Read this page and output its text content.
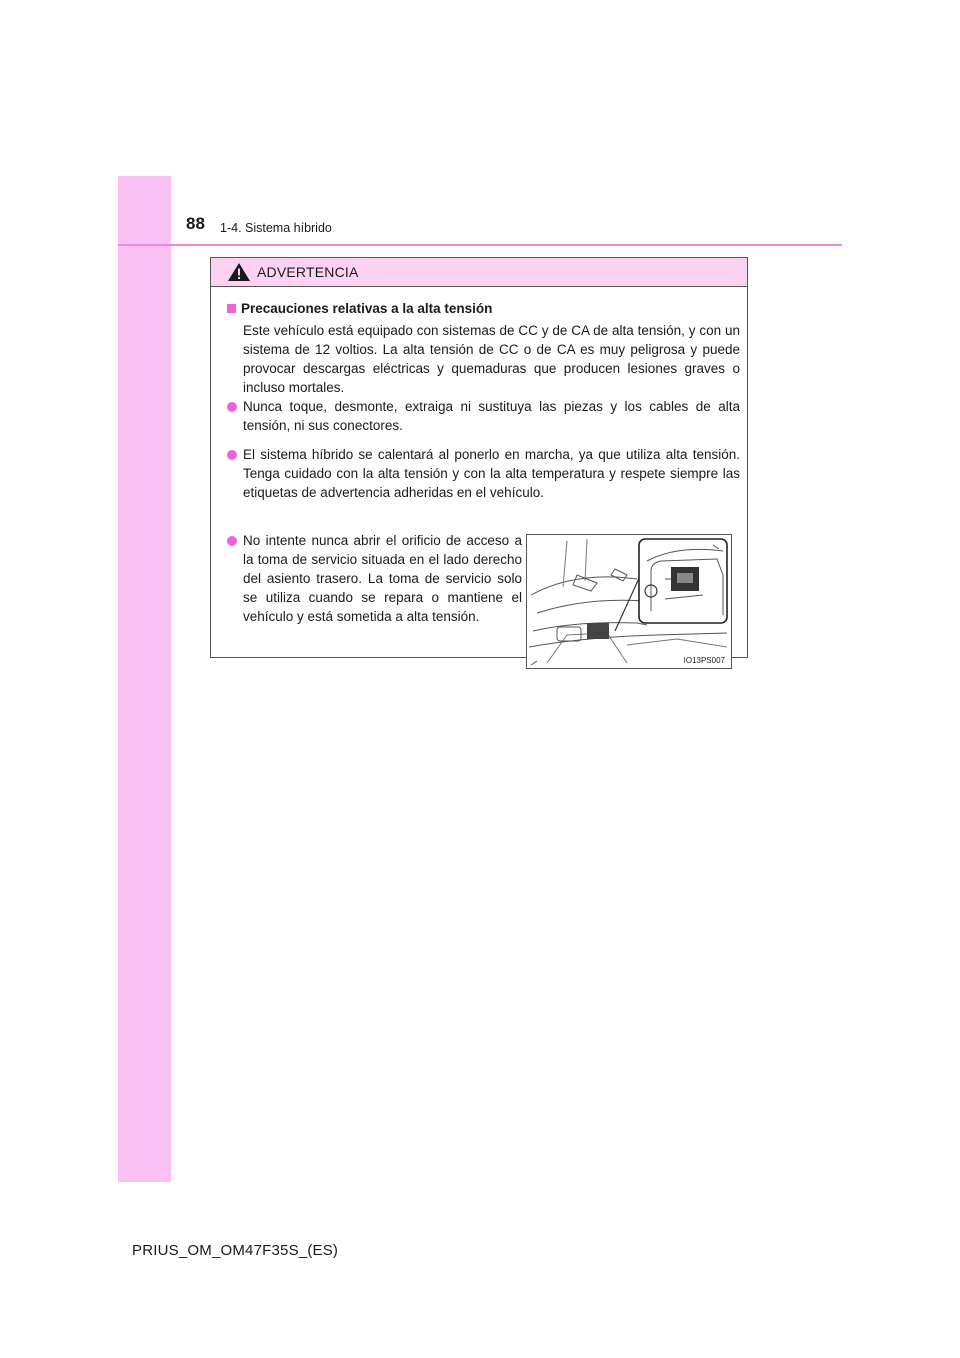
88 1-4. Sistema híbrido
ADVERTENCIA
Precauciones relativas a la alta tensión

Este vehículo está equipado con sistemas de CC y de CA de alta tensión, y con un sistema de 12 voltios. La alta tensión de CC o de CA es muy peligrosa y puede provocar descargas eléctricas y quemaduras que producen lesiones graves o incluso mortales.

Nunca toque, desmonte, extraiga ni sustituya las piezas y los cables de alta tensión, ni sus conectores.

El sistema híbrido se calentará al ponerlo en marcha, ya que utiliza alta tensión. Tenga cuidado con la alta tensión y con la alta temperatura y respete siempre las etiquetas de advertencia adheridas en el vehículo.

No intente nunca abrir el orificio de acceso a la toma de servicio situada en el lado derecho del asiento trasero. La toma de servicio solo se utiliza cuando se repara o mantiene el vehículo y está sometida a alta tensión.

IO13PS007
PRIUS_OM_OM47F35S_(ES)
